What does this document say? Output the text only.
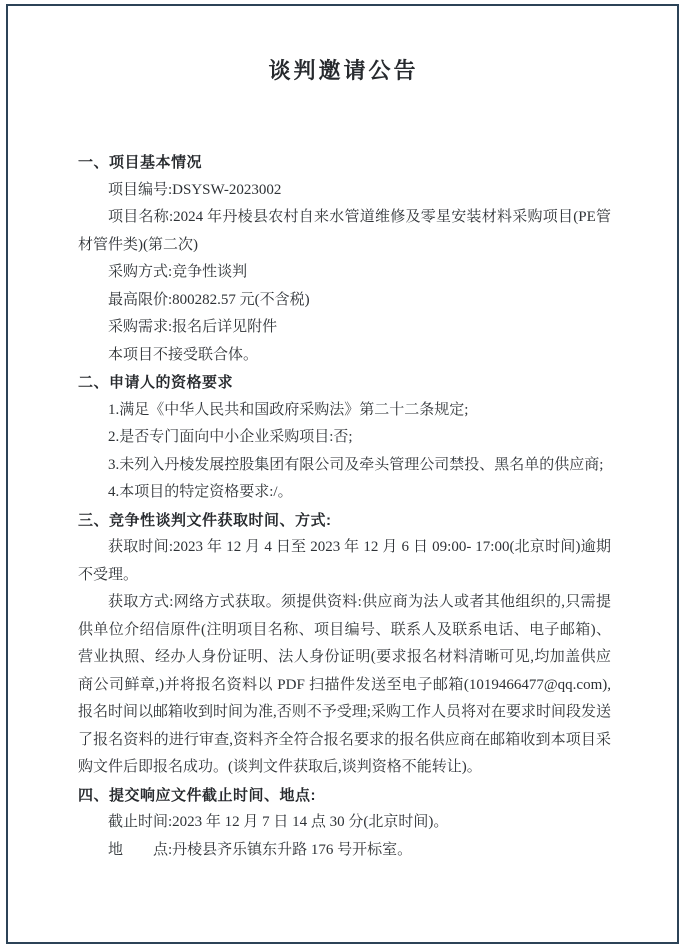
谈判邀请公告

一、项目基本情况

项目编号:DSYSW-2023002

项目名称:2024 年丹棱县农村自来水管道维修及零星安装材料采购项目(PE管材管件类)(第二次)

采购方式:竞争性谈判

最高限价:800282.57 元(不含税)

采购需求:报名后详见附件

本项目不接受联合体。

二、申请人的资格要求

1.满足《中华人民共和国政府采购法》第二十二条规定;

2.是否专门面向中小企业采购项目:否;

3.未列入丹棱发展控股集团有限公司及牵头管理公司禁投、黑名单的供应商;

4.本项目的特定资格要求:/。

三、竞争性谈判文件获取时间、方式:

获取时间:2023 年 12 月 4 日至 2023 年 12 月 6 日 09:00- 17:00(北京时间)逾期不受理。

获取方式:网络方式获取。须提供资料:供应商为法人或者其他组织的,只需提供单位介绍信原件(注明项目名称、项目编号、联系人及联系电话、电子邮箱)、营业执照、经办人身份证明、法人身份证明(要求报名材料清晰可见,均加盖供应商公司鲜章,)并将报名资料以 PDF 扫描件发送至电子邮箱(1019466477@qq.com),报名时间以邮箱收到时间为准,否则不予受理;采购工作人员将对在要求时间段发送了报名资料的进行审查,资料齐全符合报名要求的报名供应商在邮箱收到本项目采购文件后即报名成功。(谈判文件获取后,谈判资格不能转让)。

四、提交响应文件截止时间、地点:

截止时间:2023 年 12 月 7 日 14 点 30 分(北京时间)。

地　　点:丹棱县齐乐镇东升路 176 号开标室。
